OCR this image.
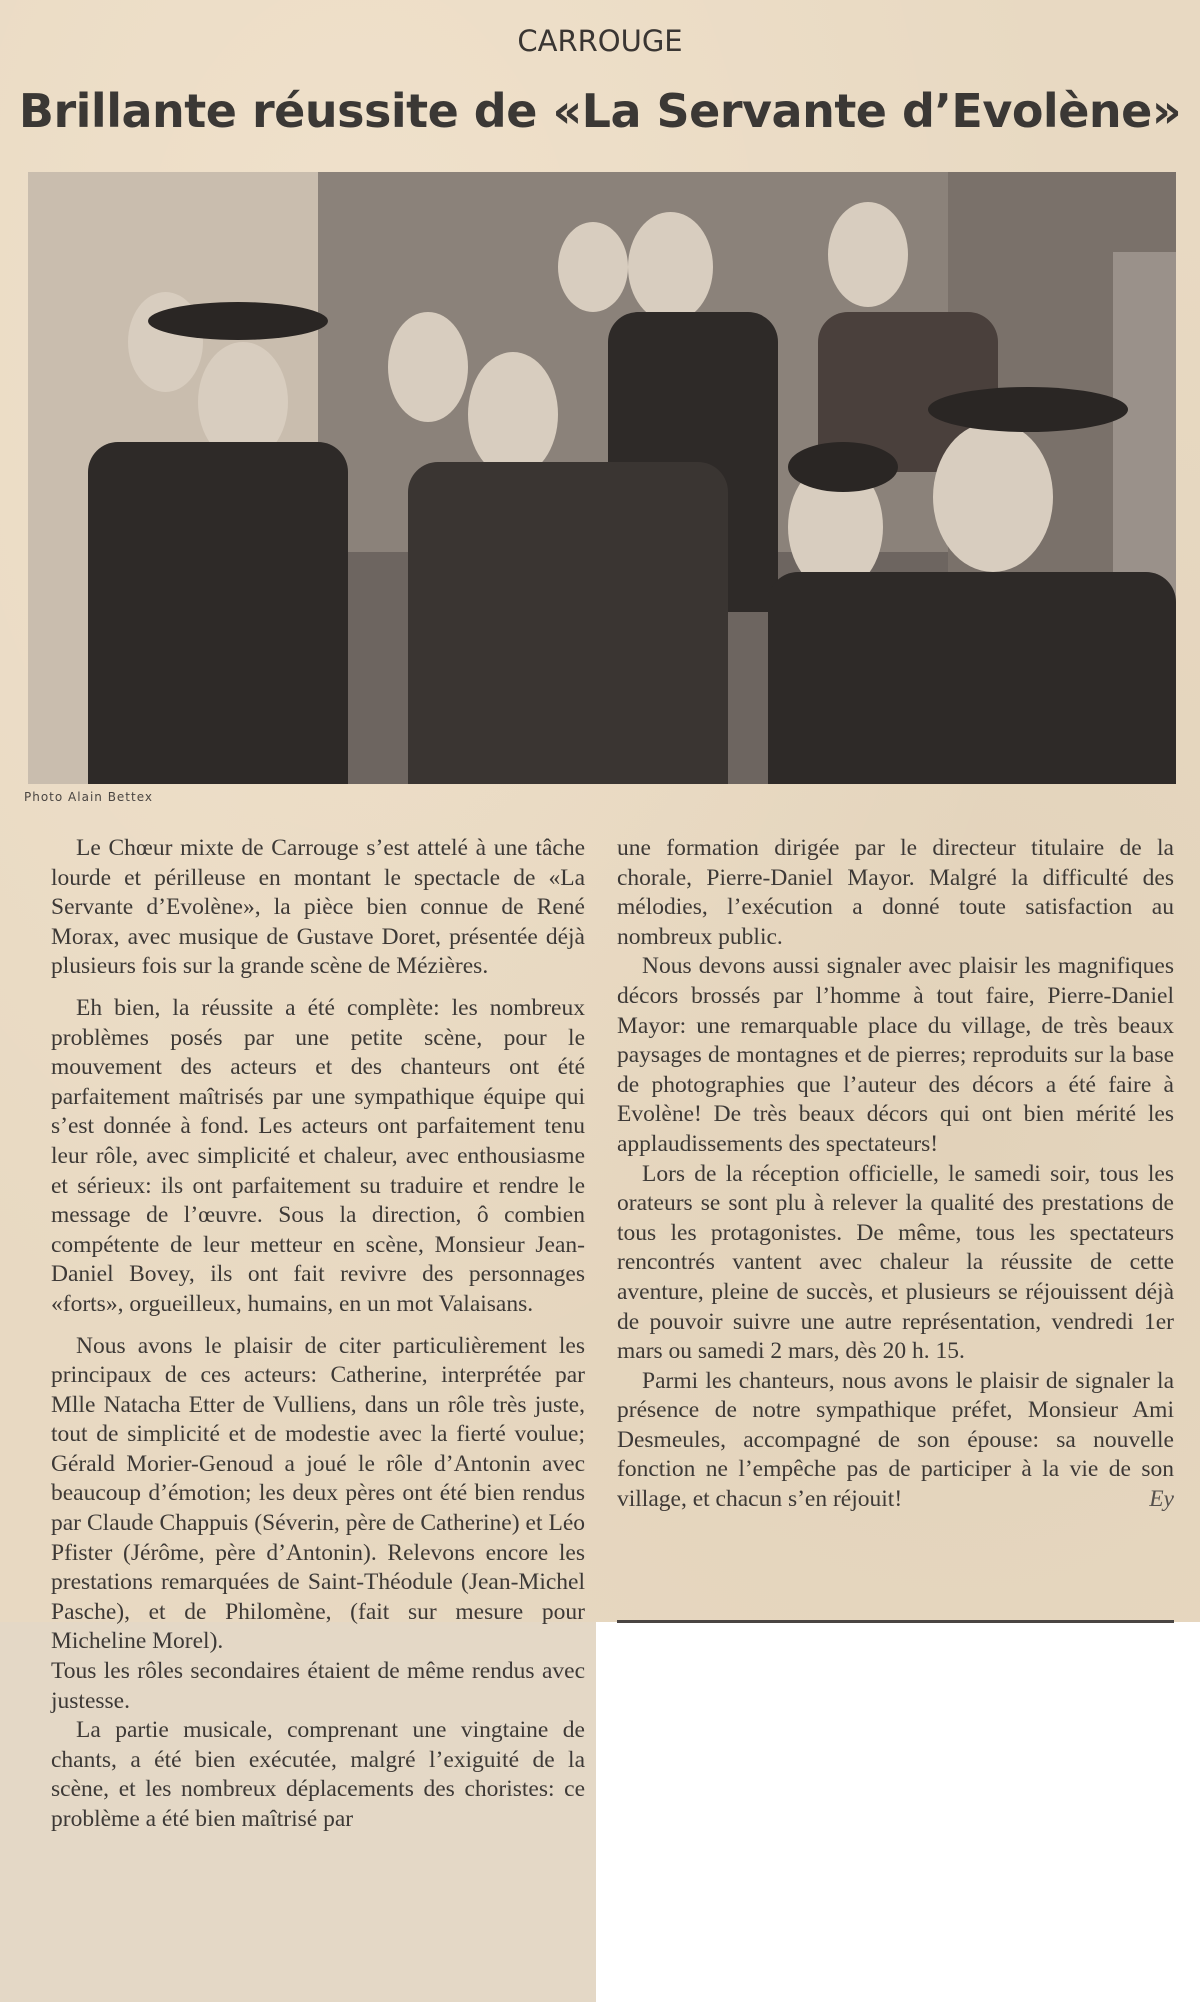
CARROUGE
Brillante réussite de «La Servante d’Evolène»
Photo Alain Bettex

Le Chœur mixte de Carrouge s’est attelé à une tâche lourde et périlleuse en montant le spectacle de «La Servante d’Evolène», la pièce bien connue de René Morax, avec musique de Gustave Doret, présentée déjà plusieurs fois sur la grande scène de Mézières.

Eh bien, la réussite a été complète: les nombreux problèmes posés par une petite scène, pour le mouvement des acteurs et des chanteurs ont été parfaitement maîtrisés par une sympathique équipe qui s’est donnée à fond. Les acteurs ont parfaitement tenu leur rôle, avec simplicité et chaleur, avec enthousiasme et sérieux: ils ont parfaitement su traduire et rendre le message de l’œuvre. Sous la direction, ô combien compétente de leur metteur en scène, Monsieur Jean-Daniel Bovey, ils ont fait revivre des personnages «forts», orgueilleux, humains, en un mot Valaisans.

Nous avons le plaisir de citer particulièrement les principaux de ces acteurs: Catherine, interprétée par Mlle Natacha Etter de Vulliens, dans un rôle très juste, tout de simplicité et de modestie avec la fierté voulue; Gérald Morier-Genoud a joué le rôle d’Antonin avec beaucoup d’émotion; les deux pères ont été bien rendus par Claude Chappuis (Séverin, père de Catherine) et Léo Pfister (Jérôme, père d’Antonin). Relevons encore les prestations remarquées de Saint-Théodule (Jean-Michel Pasche), et de Philomène, (fait sur mesure pour Micheline Morel).

Tous les rôles secondaires étaient de même rendus avec justesse.

La partie musicale, comprenant une vingtaine de chants, a été bien exécutée, malgré l’exiguité de la scène, et les nombreux déplacements des choristes: ce problème a été bien maîtrisé par

une formation dirigée par le directeur titulaire de la chorale, Pierre-Daniel Mayor. Malgré la difficulté des mélodies, l’exécution a donné toute satisfaction au nombreux public.

Nous devons aussi signaler avec plaisir les magnifiques décors brossés par l’homme à tout faire, Pierre-Daniel Mayor: une remarquable place du village, de très beaux paysages de montagnes et de pierres; reproduits sur la base de photographies que l’auteur des décors a été faire à Evolène! De très beaux décors qui ont bien mérité les applaudissements des spectateurs!

Lors de la réception officielle, le samedi soir, tous les orateurs se sont plu à relever la qualité des prestations de tous les protagonistes. De même, tous les spectateurs rencontrés vantent avec chaleur la réussite de cette aventure, pleine de succès, et plusieurs se réjouissent déjà de pouvoir suivre une autre représentation, vendredi 1er mars ou samedi 2 mars, dès 20 h. 15.

Parmi les chanteurs, nous avons le plaisir de signaler la présence de notre sympathique préfet, Monsieur Ami Desmeules, accompagné de son épouse: sa nouvelle fonction ne l’empêche pas de participer à la vie de son village, et chacun s’en réjouit!	Ey
